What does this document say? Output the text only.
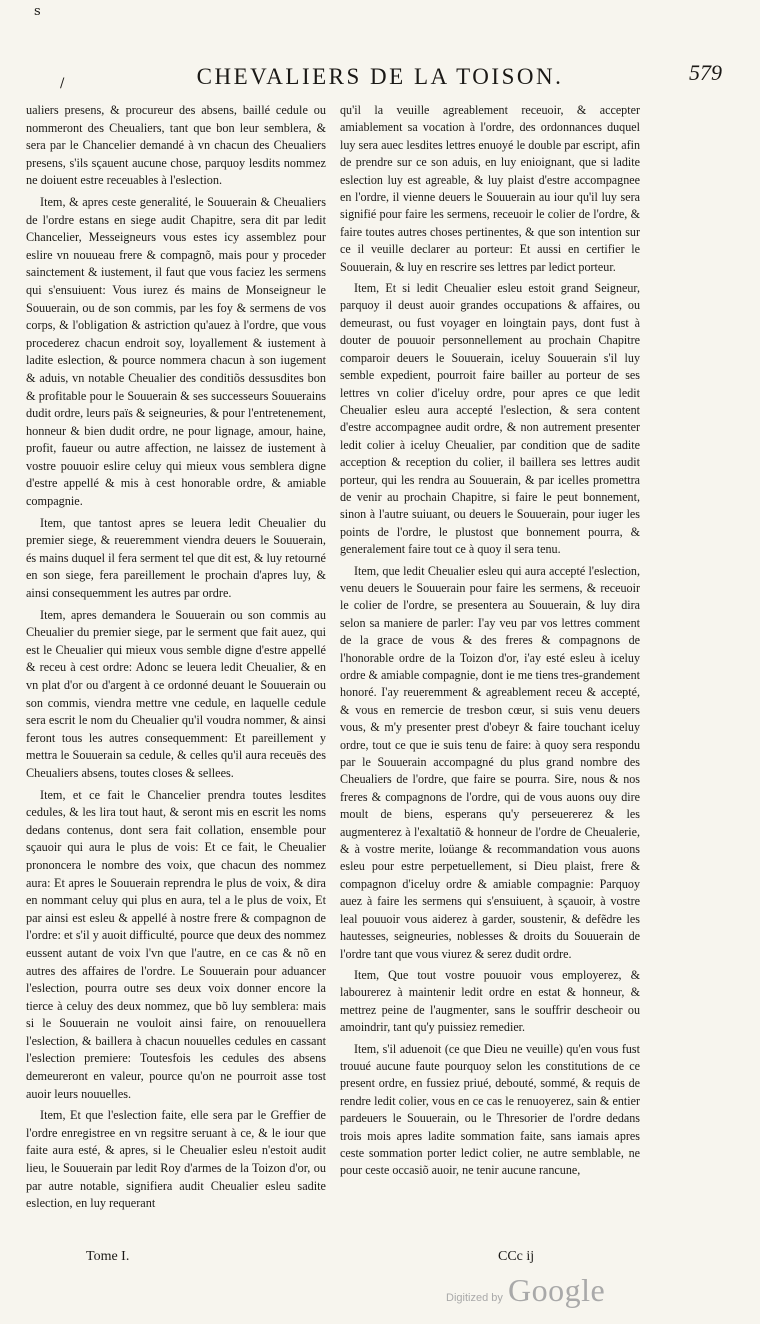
s
/	CHEVALIERS DE LA TOISON.	579

ualiers presens, & procureur des absens, baillé cedule ou nommeront des Cheualiers, tant que bon leur semblera, & sera par le Chancelier demandé à vn chacun des Cheualiers presens, s'ils sçauent aucune chose, parquoy lesdits nommez ne doiuent estre receuables à l'eslection.

Item, & apres ceste generalité, le Souuerain & Cheualiers de l'ordre estans en siege audit Chapitre, sera dit par ledit Chancelier, Messeigneurs vous estes icy assemblez pour eslire vn nouueau frere & compagnõ, mais pour y proceder sainctement & iustement, il faut que vous faciez les sermens qui s'ensuiuent: Vous iurez és mains de Monseigneur le Souuerain, ou de son commis, par les foy & sermens de vos corps, & l'obligation & astriction qu'auez à l'ordre, que vous procederez chacun endroit soy, loyallement & iustement à ladite eslection, & pource nommera chacun à son iugement & aduis, vn notable Cheualier des conditiõs dessusdites bon & profitable pour le Souuerain & ses successeurs Souuerains dudit ordre, leurs païs & seigneuries, & pour l'entretenement, honneur & bien dudit ordre, ne pour lignage, amour, haine, profit, faueur ou autre affection, ne laissez de iustement à vostre pouuoir eslire celuy qui mieux vous semblera digne d'estre appellé & mis à cest honorable ordre, & amiable compagnie.

Item, que tantost apres se leuera ledit Cheualier du premier siege, & reueremment viendra deuers le Souuerain, és mains duquel il fera serment tel que dit est, & luy retourné en son siege, fera pareillement le prochain d'apres luy, & ainsi consequemment les autres par ordre.

Item, apres demandera le Souuerain ou son commis au Cheualier du premier siege, par le serment que fait auez, qui est le Cheualier qui mieux vous semble digne d'estre appellé & receu à cest ordre: Adonc se leuera ledit Cheualier, & en vn plat d'or ou d'argent à ce ordonné deuant le Souuerain ou son commis, viendra mettre vne cedule, en laquelle cedule sera escrit le nom du Cheualier qu'il voudra nommer, & ainsi feront tous les autres consequemment: Et pareillement y mettra le Souuerain sa cedule, & celles qu'il aura receuës des Cheualiers absens, toutes closes & sellees.

Item, et ce fait le Chancelier prendra toutes lesdites cedules, & les lira tout haut, & seront mis en escrit les noms dedans contenus, dont sera fait collation, ensemble pour sçauoir qui aura le plus de vois: Et ce fait, le Cheualier prononcera le nombre des voix, que chacun des nommez aura: Et apres le Souuerain reprendra le plus de voix, & dira en nommant celuy qui plus en aura, tel a le plus de voix, Et par ainsi est esleu & appellé à nostre frere & compagnon de l'ordre: et s'il y auoit difficulté, pource que deux des nommez eussent autant de voix l'vn que l'autre, en ce cas & nõ en autres des affaires de l'ordre. Le Souuerain pour aduancer l'eslection, pourra outre ses deux voix donner encore la tierce à celuy des deux nommez, que bõ luy semblera: mais si le Souuerain ne vouloit ainsi faire, on renouuellera l'eslection, & baillera à chacun nouuelles cedules en cassant l'eslection premiere: Toutesfois les cedules des absens demeureront en valeur, pource qu'on ne pourroit asse tost auoir leurs nouuelles.

Item, Et que l'eslection faite, elle sera par le Greffier de l'ordre enregistree en vn regsitre seruant à ce, & le iour que faite aura esté, & apres, si le Cheualier esleu n'estoit audit lieu, le Souuerain par ledit Roy d'armes de la Toizon d'or, ou par autre notable, signifiera audit Cheualier esleu sadite eslection, en luy requerant

qu'il la veuille agreablement receuoir, & accepter amiablement sa vocation à l'ordre, des ordonnances duquel luy sera auec lesdites lettres enuoyé le double par escript, afin de prendre sur ce son aduis, en luy enioignant, que si ladite eslection luy est agreable, & luy plaist d'estre accompagnee en l'ordre, il vienne deuers le Souuerain au iour qu'il luy sera signifié pour faire les sermens, receuoir le colier de l'ordre, & faire toutes autres choses pertinentes, & que son intention sur ce il veuille declarer au porteur: Et aussi en certifier le Souuerain, & luy en rescrire ses lettres par ledict porteur.

Item, Et si ledit Cheualier esleu estoit grand Seigneur, parquoy il deust auoir grandes occupations & affaires, ou demeurast, ou fust voyager en loingtain pays, dont fust à douter de pouuoir personnellement au prochain Chapitre comparoir deuers le Souuerain, iceluy Souuerain s'il luy semble expedient, pourroit faire bailler au porteur de ses lettres vn colier d'iceluy ordre, pour apres ce que ledit Cheualier esleu aura accepté l'eslection, & sera content d'estre accompagnee audit ordre, & non autrement presenter ledit colier à iceluy Cheualier, par condition que de sadite acception & reception du colier, il baillera ses lettres audit porteur, qui les rendra au Souuerain, & par icelles promettra de venir au prochain Chapitre, si faire le peut bonnement, sinon à l'autre suiuant, ou deuers le Souuerain, pour iuger les points de l'ordre, le plustost que bonnement pourra, & generalement faire tout ce à quoy il sera tenu.

Item, que ledit Cheualier esleu qui aura accepté l'eslection, venu deuers le Souuerain pour faire les sermens, & receuoir le colier de l'ordre, se presentera au Souuerain, & luy dira selon sa maniere de parler: I'ay veu par vos lettres comment de la grace de vous & des freres & compagnons de l'honorable ordre de la Toizon d'or, i'ay esté esleu à iceluy ordre & amiable compagnie, dont ie me tiens tres-grandement honoré. I'ay reueremment & agreablement receu & accepté, & vous en remercie de tresbon cœur, si suis venu deuers vous, & m'y presenter prest d'obeyr & faire touchant iceluy ordre, tout ce que ie suis tenu de faire: à quoy sera respondu par le Souuerain accompagné du plus grand nombre des Cheualiers de l'ordre, que faire se pourra. Sire, nous & nos freres & compagnons de l'ordre, qui de vous auons ouy dire moult de biens, esperans qu'y perseuererez & les augmenterez à l'exaltatiõ & honneur de l'ordre de Cheualerie, & à vostre merite, loüange & recommandation vous auons esleu pour estre perpetuellement, si Dieu plaist, frere & compagnon d'iceluy ordre & amiable compagnie: Parquoy auez à faire les sermens qui s'ensuiuent, à sçauoir, à vostre leal pouuoir vous aiderez à garder, soustenir, & defẽdre les hautesses, seigneuries, noblesses & droits du Souuerain de l'ordre tant que vous viurez & serez dudit ordre.

Item, Que tout vostre pouuoir vous employerez, & labourerez à maintenir ledit ordre en estat & honneur, & mettrez peine de l'augmenter, sans le souffrir descheoir ou amoindrir, tant qu'y puissiez remedier.

Item, s'il aduenoit (ce que Dieu ne veuille) qu'en vous fust trouué aucune faute pourquoy selon les constitutions de ce present ordre, en fussiez priué, debouté, sommé, & requis de rendre ledit colier, vous en ce cas le renuoyerez, sain & entier pardeuers le Souuerain, ou le Thresorier de l'ordre dedans trois mois apres ladite sommation faite, sans iamais apres ceste sommation porter ledict colier, ne autre semblable, ne pour ceste occasiõ auoir, ne tenir aucune rancune,

Tome I.	CCc ij
Digitized by Google
